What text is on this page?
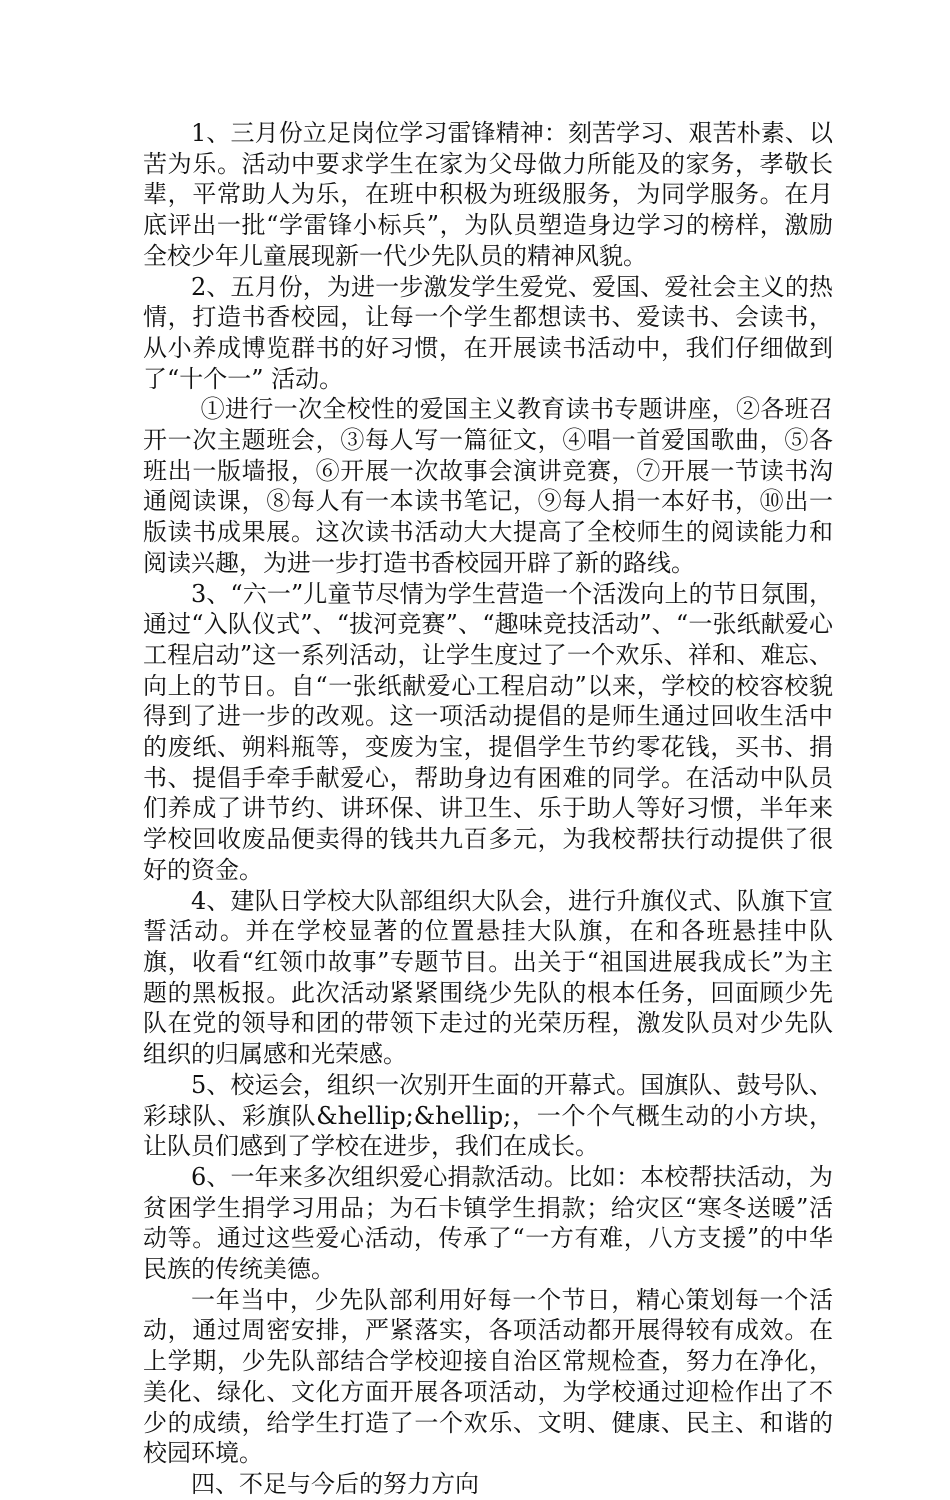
1、三月份立足岗位学习雷锋精神：刻苦学习、艰苦朴素、以苦为乐。活动中要求学生在家为父母做力所能及的家务，孝敬长辈，平常助人为乐，在班中积极为班级服务，为同学服务。在月底评出一批“学雷锋小标兵”，为队员塑造身边学习的榜样，激励全校少年儿童展现新一代少先队员的精神风貌。

2、五月份，为进一步激发学生爱党、爱国、爱社会主义的热情，打造书香校园，让每一个学生都想读书、爱读书、会读书，从小养成博览群书的好习惯，在开展读书活动中，我们仔细做到了“十个一” 活动。

①进行一次全校性的爱国主义教育读书专题讲座，②各班召开一次主题班会，③每人写一篇征文，④唱一首爱国歌曲，⑤各班出一版墙报，⑥开展一次故事会演讲竞赛，⑦开展一节读书沟通阅读课，⑧每人有一本读书笔记，⑨每人捐一本好书，⑩出一版读书成果展。这次读书活动大大提高了全校师生的阅读能力和阅读兴趣，为进一步打造书香校园开辟了新的路线。

3、“六一”儿童节尽情为学生营造一个活泼向上的节日氛围，通过“入队仪式”、“拔河竞赛”、“趣味竞技活动”、“一张纸献爱心工程启动”这一系列活动，让学生度过了一个欢乐、祥和、难忘、向上的节日。自“一张纸献爱心工程启动”以来，学校的校容校貌得到了进一步的改观。这一项活动提倡的是师生通过回收生活中的废纸、朔料瓶等，变废为宝，提倡学生节约零花钱，买书、捐书、提倡手牵手献爱心，帮助身边有困难的同学。在活动中队员们养成了讲节约、讲环保、讲卫生、乐于助人等好习惯，半年来学校回收废品便卖得的钱共九百多元，为我校帮扶行动提供了很好的资金。

4、建队日学校大队部组织大队会，进行升旗仪式、队旗下宣誓活动。并在学校显著的位置悬挂大队旗，在和各班悬挂中队旗，收看“红领巾故事”专题节目。出关于“祖国进展我成长”为主题的黑板报。此次活动紧紧围绕少先队的根本任务，回面顾少先队在党的领导和团的带领下走过的光荣历程，激发队员对少先队组织的归属感和光荣感。

5、校运会，组织一次别开生面的开幕式。国旗队、鼓号队、彩球队、彩旗队&hellip;&hellip;，一个个气概生动的小方块，让队员们感到了学校在进步，我们在成长。

6、一年来多次组织爱心捐款活动。比如：本校帮扶活动，为贫困学生捐学习用品；为石卡镇学生捐款；给灾区“寒冬送暖”活动等。通过这些爱心活动，传承了“一方有难，八方支援”的中华民族的传统美德。

一年当中，少先队部利用好每一个节日，精心策划每一个活动，通过周密安排，严紧落实，各项活动都开展得较有成效。在上学期，少先队部结合学校迎接自治区常规检查，努力在净化，美化、绿化、文化方面开展各项活动，为学校通过迎检作出了不少的成绩，给学生打造了一个欢乐、文明、健康、民主、和谐的校园环境。

四、不足与今后的努力方向
